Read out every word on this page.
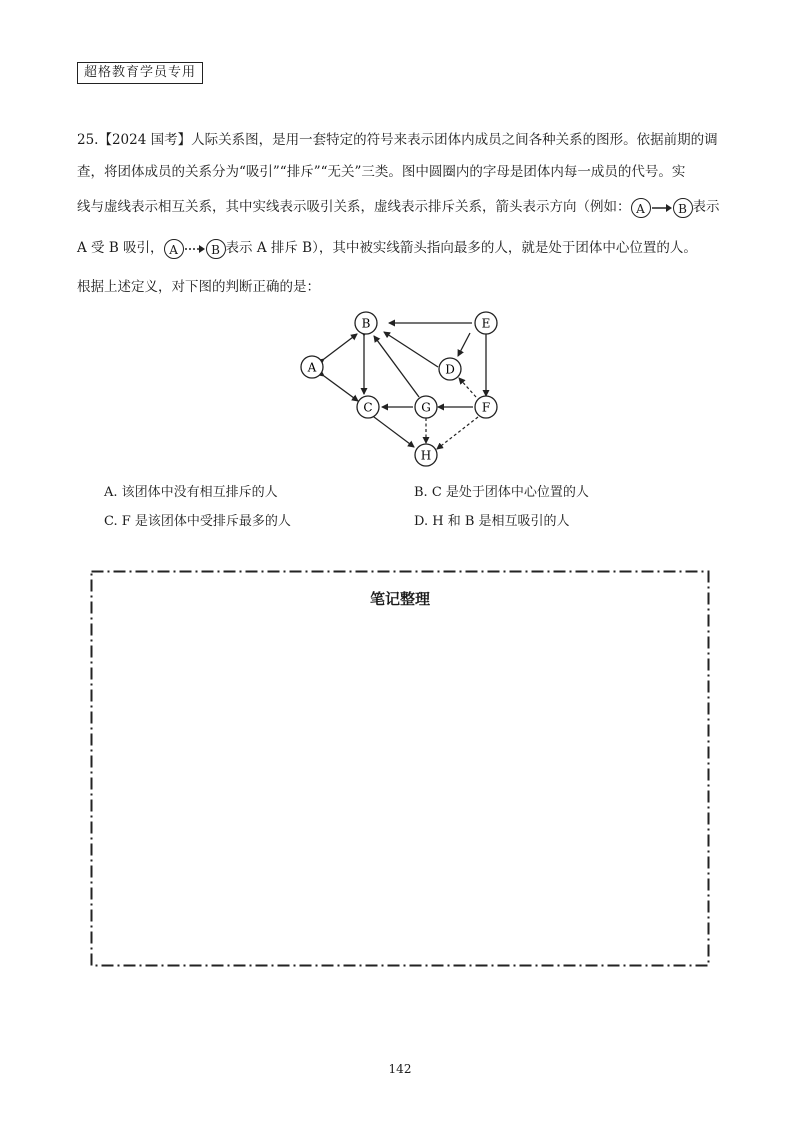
超格教育学员专用
25.【2024 国考】人际关系图，是用一套特定的符号来表示团体内成员之间各种关系的图形。依据前期的调
查，将团体成员的关系分为“吸引”“排斥”“无关”三类。图中圆圈内的字母是团体内每一成员的代号。实
线与虚线表示相互关系，其中实线表示吸引关系，虚线表示排斥关系，箭头表示方向（例如： A	B 表示
A 受 B 吸引， A	B 表示 A 排斥 B），其中被实线箭头指向最多的人，就是处于团体中心位置的人。
根据上述定义，对下图的判断正确的是：
A
B
C
D
E
F
G
H
A. 该团体中没有相互排斥的人	B. C 是处于团体中心位置的人
C. F 是该团体中受排斥最多的人	D. H 和 B 是相互吸引的人
笔记整理
142
